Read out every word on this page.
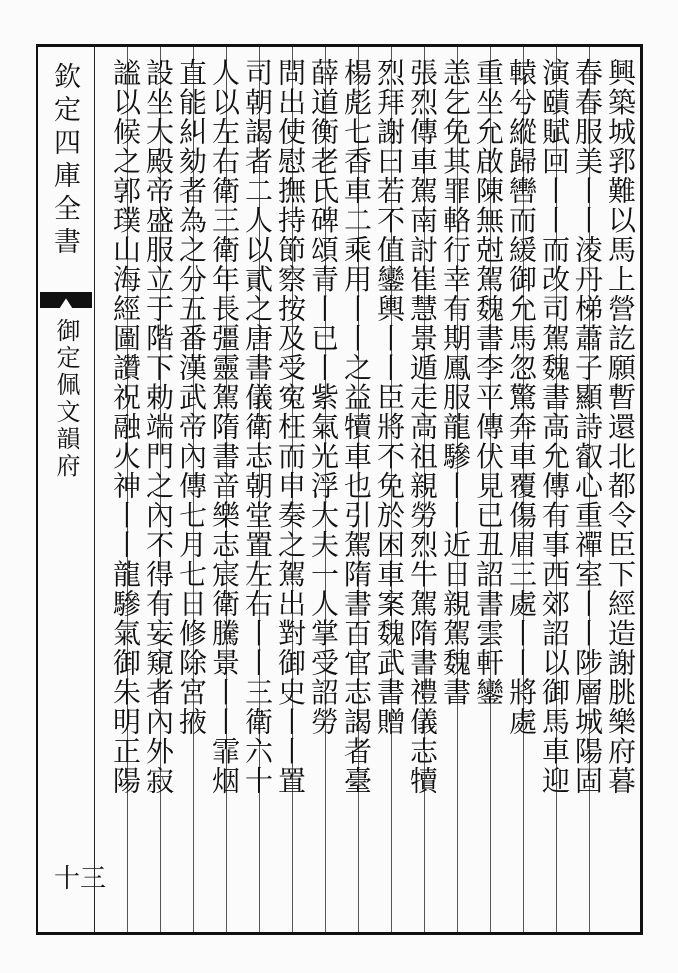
欽定四庫全書
御定佩文韻府
十三
興築城郛難以馬上營訖願暫還北都令臣下經造謝朓樂府暮
春春服美丨丨淩丹梯蕭子顯詩叡心重禪室丨丨陟層城陽固
演賾賦回丨丨而改司駕魏書高允傳有事西郊詔以御馬車迎
轅兮縱歸轡而緩御允馬忽驚奔車覆傷眉三處丨丨將處
重坐允啟陳無尅駕魏書李平傳伏見已丑詔書雲軒鑾
恙乞免其罪輅行幸有期鳳服龍驂丨丨近日親駕魏書
張烈傳車駕南討崔慧景遁走高祖親勞烈牛駕隋書禮儀志犢
烈拜謝曰若不值鑾輿丨丨臣將不免於困車案魏武書贈
楊彪七香車二乘用丨丨之益犢車也引駕隋書百官志謁者臺
薛道衡老氏碑頌青丨已丨紫氣光浮大夫一人掌受詔勞
問出使慰撫持節察按及受寃枉而申奏之駕出對御史丨丨置
司朝謁者二人以貳之唐書儀衛志朝堂置左右丨丨三衛六十
人以左右衛三衛年長彊靈駕隋書音樂志宸衛騰景丨丨霏烟
直能糾劾者為之分五番漢武帝內傳七月七日修除宮掖
設坐大殿帝盛服立于階下勅端門之內不得有妄窺者內外寂
謐以候之郭璞山海經圖讚祝融火神丨丨龍驂氣御朱明正陽
